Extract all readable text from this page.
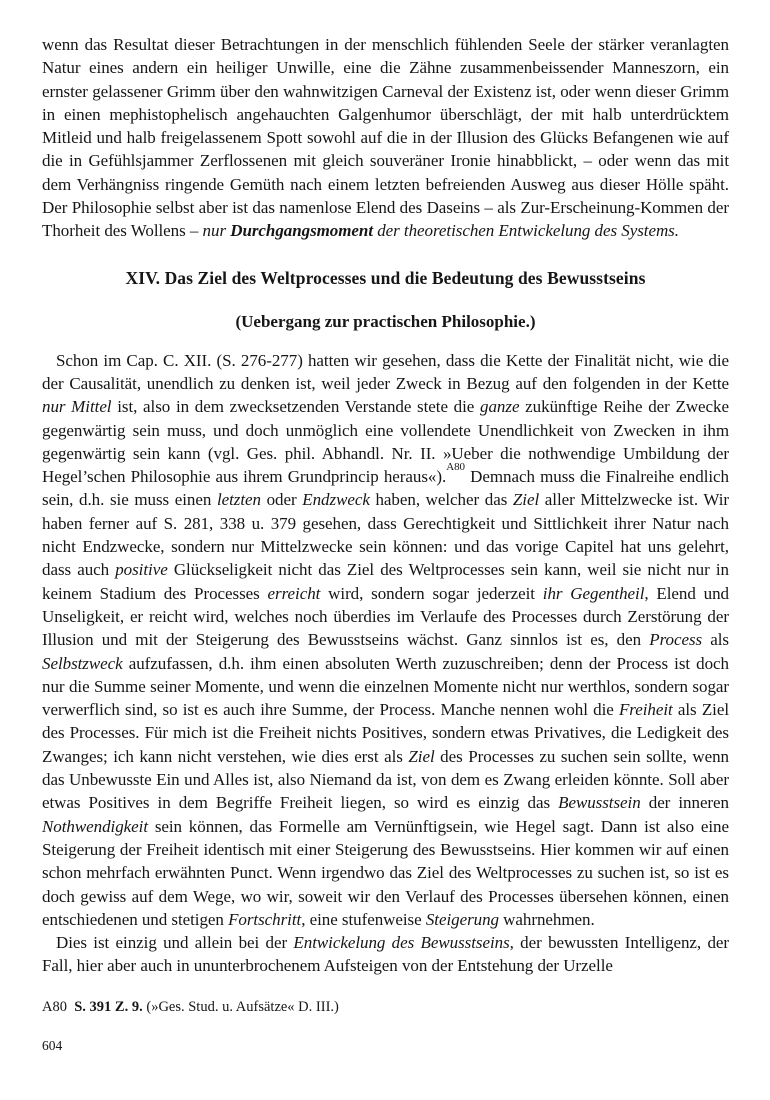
wenn das Resultat dieser Betrachtungen in der menschlich fühlenden Seele der stärker veranlagten Natur eines andern ein heiliger Unwille, eine die Zähne zusammenbeissender Manneszorn, ein ernster gelassener Grimm über den wahnwitzigen Carneval der Existenz ist, oder wenn dieser Grimm in einen mephistophelisch angehauchten Galgenhumor überschlägt, der mit halb unterdrücktem Mitleid und halb freigelassenem Spott sowohl auf die in der Illusion des Glücks Befangenen wie auf die in Gefühlsjammer Zerflossenen mit gleich souveräner Ironie hinabblickt, – oder wenn das mit dem Verhängniss ringende Gemüth nach einem letzten befreienden Ausweg aus dieser Hölle späht. Der Philosophie selbst aber ist das namenlose Elend des Daseins – als Zur-Erscheinung-Kommen der Thorheit des Wollens – nur Durchgangsmoment der theoretischen Entwickelung des Systems.

XIV. Das Ziel des Weltprocesses und die Bedeutung des Bewusstseins
(Uebergang zur practischen Philosophie.)

Schon im Cap. C. XII. (S. 276-277) hatten wir gesehen, dass die Kette der Finalität nicht, wie die der Causalität, unendlich zu denken ist, weil jeder Zweck in Bezug auf den folgenden in der Kette nur Mittel ist, also in dem zwecksetzenden Verstande stete die ganze zukünftige Reihe der Zwecke gegenwärtig sein muss, und doch unmöglich eine vollendete Unendlichkeit von Zwecken in ihm gegenwärtig sein kann (vgl. Ges. phil. Abhandl. Nr. II. »Ueber die nothwendige Umbildung der Hegel’schen Philosophie aus ihrem Grundprincip heraus«).$^{A80}$ Demnach muss die Finalreihe endlich sein, d.h. sie muss einen letzten oder Endzweck haben, welcher das Ziel aller Mittelzwecke ist. Wir haben ferner auf S. 281, 338 u. 379 gesehen, dass Gerechtigkeit und Sittlichkeit ihrer Natur nach nicht Endzwecke, sondern nur Mittelzwecke sein können: und das vorige Capitel hat uns gelehrt, dass auch positive Glückseligkeit nicht das Ziel des Weltprocesses sein kann, weil sie nicht nur in keinem Stadium des Processes erreicht wird, sondern sogar jederzeit ihr Gegentheil, Elend und Unseligkeit, er reicht wird, welches noch überdies im Verlaufe des Processes durch Zerstörung der Illusion und mit der Steigerung des Bewusstseins wächst. Ganz sinnlos ist es, den Process als Selbstzweck aufzufassen, d.h. ihm einen absoluten Werth zuzuschreiben; denn der Process ist doch nur die Summe seiner Momente, und wenn die einzelnen Momente nicht nur werthlos, sondern sogar verwerflich sind, so ist es auch ihre Summe, der Process. Manche nennen wohl die Freiheit als Ziel des Processes. Für mich ist die Freiheit nichts Positives, sondern etwas Privatives, die Ledigkeit des Zwanges; ich kann nicht verstehen, wie dies erst als Ziel des Processes zu suchen sein sollte, wenn das Unbewusste Ein und Alles ist, also Niemand da ist, von dem es Zwang erleiden könnte. Soll aber etwas Positives in dem Begriffe Freiheit liegen, so wird es einzig das Bewusstsein der inneren Nothwendigkeit sein können, das Formelle am Vernünftigsein, wie Hegel sagt. Dann ist also eine Steigerung der Freiheit identisch mit einer Steigerung des Bewusstseins. Hier kommen wir auf einen schon mehrfach erwähnten Punct. Wenn irgendwo das Ziel des Weltprocesses zu suchen ist, so ist es doch gewiss auf dem Wege, wo wir, soweit wir den Verlauf des Processes übersehen können, einen entschiedenen und stetigen Fortschritt, eine stufenweise Steigerung wahrnehmen.

Dies ist einzig und allein bei der Entwickelung des Bewusstseins, der bewussten Intelligenz, der Fall, hier aber auch in ununterbrochenem Aufsteigen von der Entstehung der Urzelle

A80  S. 391 Z. 9. (»Ges. Stud. u. Aufsätze« D. III.)

604
